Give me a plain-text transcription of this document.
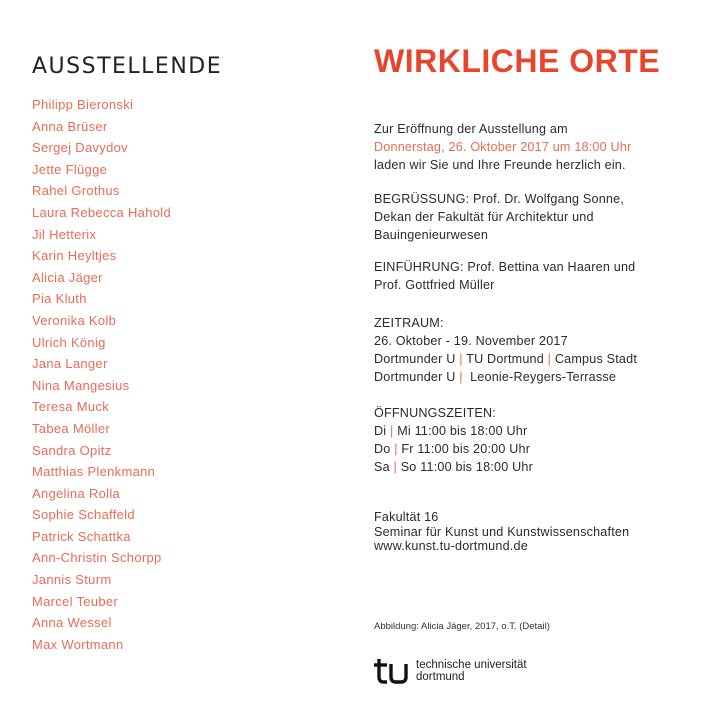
AUSSTELLENDE
Philipp Bieronski
Anna Brüser
Sergej Davydov
Jette Flügge
Rahel Grothus
Laura Rebecca Hahold
Jil Hetterix
Karin Heyltjes
Alicia Jäger
Pia Kluth
Veronika Kolb
Ulrich König
Jana Langer
Nina Mangesius
Teresa Muck
Tabea Möller
Sandra Opitz
Matthias Plenkmann
Angelina Rolla
Sophie Schaffeld
Patrick Schattka
Ann-Christin Schorpp
Jannis Sturm
Marcel Teuber
Anna Wessel
Max Wortmann
WIRKLICHE ORTE
Zur Eröffnung der Ausstellung am
Donnerstag, 26. Oktober 2017 um 18:00 Uhr
laden wir Sie und Ihre Freunde herzlich ein.
BEGRÜSSUNG: Prof. Dr. Wolfgang Sonne,
Dekan der Fakultät für Architektur und
Bauingenieurwesen
EINFÜHRUNG: Prof. Bettina van Haaren und
Prof. Gottfried Müller
ZEITRAUM:
26. Oktober - 19. November 2017
Dortmunder U | TU Dortmund | Campus Stadt
Dortmunder U |  Leonie-Reygers-Terrasse
ÖFFNUNGSZEITEN:
Di | Mi 11:00 bis 18:00 Uhr
Do | Fr 11:00 bis 20:00 Uhr
Sa | So 11:00 bis 18:00 Uhr
Fakultät 16
Seminar für Kunst und Kunstwissenschaften
www.kunst.tu-dortmund.de
Abbildung: Alicia Jäger, 2017, o.T. (Detail)
technische universität
dortmund
